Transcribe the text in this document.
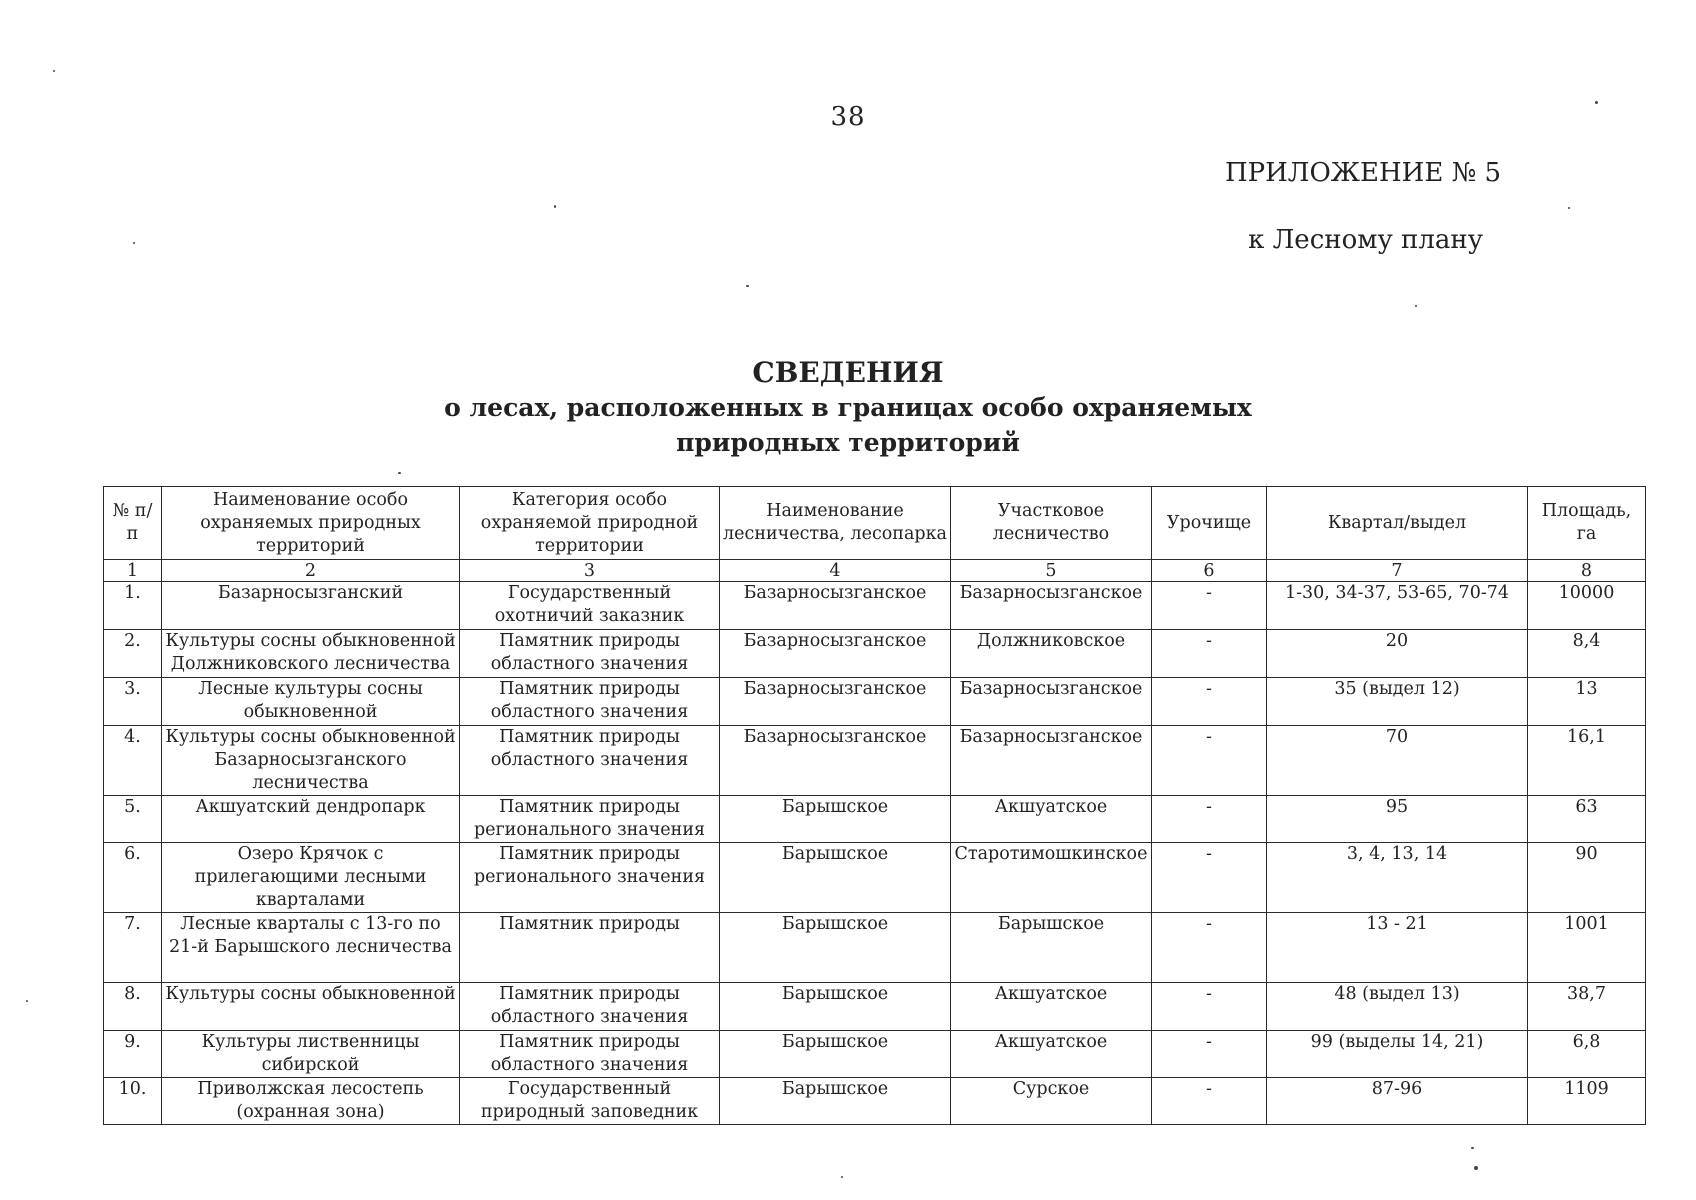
38
ПРИЛОЖЕНИЕ № 5
к Лесному плану
СВЕДЕНИЯ
о лесах, расположенных в границах особо охраняемых
природных территорий
№ п/п	Наименование особо охраняемых природных территорий	Категория особо охраняемой природной территории	Наименование лесничества, лесопарка	Участковое лесничество	Урочище	Квартал/выдел	Площадь, га
1	2	3	4	5	6	7	8
1.	Базарносызганский	Государственный охотничий заказник	Базарносызганское	Базарносызганское	-	1-30, 34-37, 53-65, 70-74	10000
2.	Культуры сосны обыкновенной Должниковского лесничества	Памятник природы областного значения	Базарносызганское	Должниковское	-	20	8,4
3.	Лесные культуры сосны обыкновенной	Памятник природы областного значения	Базарносызганское	Базарносызганское	-	35 (выдел 12)	13
4.	Культуры сосны обыкновенной Базарносызганского лесничества	Памятник природы областного значения	Базарносызганское	Базарносызганское	-	70	16,1
5.	Акшуатский дендропарк	Памятник природы регионального значения	Барышское	Акшуатское	-	95	63
6.	Озеро Крячок с прилегающими лесными кварталами	Памятник природы регионального значения	Барышское	Старотимошкинское	-	3, 4, 13, 14	90
7.	Лесные кварталы с 13-го по 21-й Барышского лесничества	Памятник природы	Барышское	Барышское	-	13 - 21	1001
8.	Культуры сосны обыкновенной	Памятник природы областного значения	Барышское	Акшуатское	-	48 (выдел 13)	38,7
9.	Культуры лиственницы сибирской	Памятник природы областного значения	Барышское	Акшуатское	-	99 (выделы 14, 21)	6,8
10.	Приволжская лесостепь (охранная зона)	Государственный природный заповедник	Барышское	Сурское	-	87-96	1109
